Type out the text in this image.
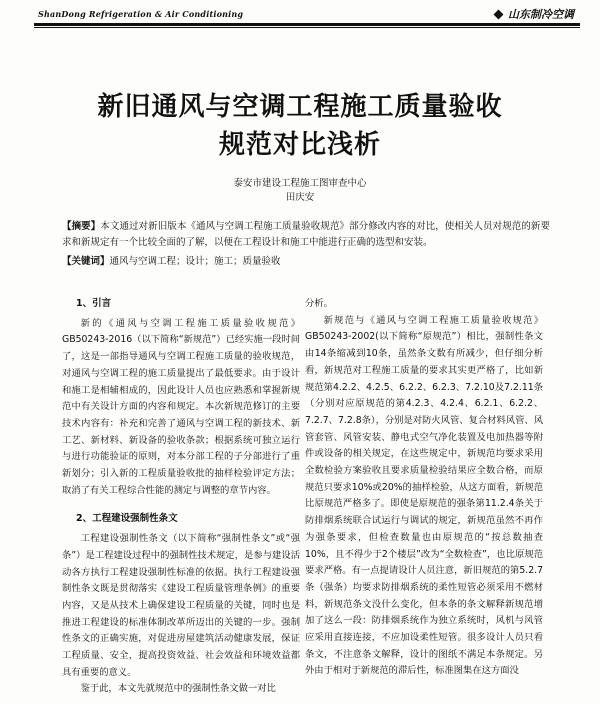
ShanDong Refrigeration & Air Conditioning	山东制冷空调
新旧通风与空调工程施工质量验收
规范对比浅析
泰安市建设工程施工图审查中心
田庆安

【摘要】本文通过对新旧版本《通风与空调工程施工质量验收规范》部分修改内容的对比，使相关人员对规范的新要求和新规定有一个比较全面的了解，以便在工程设计和施工中能进行正确的选型和安装。

【关键词】通风与空调工程；设计；施工；质量验收

1、引言

新的《通风与空调工程施工质量验收规范》GB50243-2016（以下简称“新规范”）已经实施一段时间了，这是一部指导通风与空调工程施工质量的验收规范，对通风与空调工程的施工质量提出了最低要求。由于设计和施工是相辅相成的，因此设计人员也应熟悉和掌握新规范中有关设计方面的内容和规定。本次新规范修订的主要技术内容有：补充和完善了通风与空调工程的新技术、新工艺、新材料、新设备的验收条款；根据系统可独立运行与进行功能验证的原则，对本分部工程的子分部进行了重新划分；引入新的工程质量验收批的抽样检验评定方法；取消了有关工程综合性能的测定与调整的章节内容。

2、工程建设强制性条文

工程建设强制性条文（以下简称“强制性条文”或“强条”）是工程建设过程中的强制性技术规定，是参与建设活动各方执行工程建设强制性标准的依据。执行工程建设强制性条文既是贯彻落实《建设工程质量管理条例》的重要内容，又是从技术上确保建设工程质量的关键，同时也是推进工程建设的标准体制改革所迈出的关键的一步。强制性条文的正确实施，对促进房屋建筑活动健康发展，保证工程质量、安全，提高投资效益、社会效益和环境效益都具有重要的意义。

鉴于此，本文先就规范中的强制性条文做一对比

分析。

新规范与《通风与空调工程施工质量验收规范》GB50243-2002(以下简称“原规范”）相比，强制性条文由14条缩减到10条，虽然条文数有所减少，但仔细分析看，新规范对工程施工质量的要求其实更严格了，比如新规范第4.2.2、4.2.5、6.2.2、6.2.3、7.2.10及7.2.11条（分别对应原规范的第4.2.3、4.2.4、6.2.1、6.2.2、7.2.7、7.2.8条），分别是对防火风管、复合材料风管、风管套管、风管安装、静电式空气净化装置及电加热器等附件或设备的相关规定，在这些规定中，新规范均要求采用全数检验方案验收且要求质量检验结果应全数合格，而原规范只要求10%或20%的抽样检验，从这方面看，新规范比原规范严格多了。即使是原规范的强条第11.2.4条关于防排烟系统联合试运行与调试的规定，新规范虽然不再作为强条要求，但检查数量也由原规范的“按总数抽查10%，且不得少于2个楼层”改为“全数检查”，也比原规范要求严格。有一点提请设计人员注意，新旧规范的第5.2.7条（强条）均要求防排烟系统的柔性短管必须采用不燃材料，新规范条文没什么变化，但本条的条文解释新规范增加了这么一段：防排烟系统作为独立系统时，风机与风管应采用直接连接，不应加设柔性短管。很多设计人员只看条文，不注意条文解释，设计的图纸不满足本条规定。另外由于相对于新规范的滞后性，标准图集在这方面没
